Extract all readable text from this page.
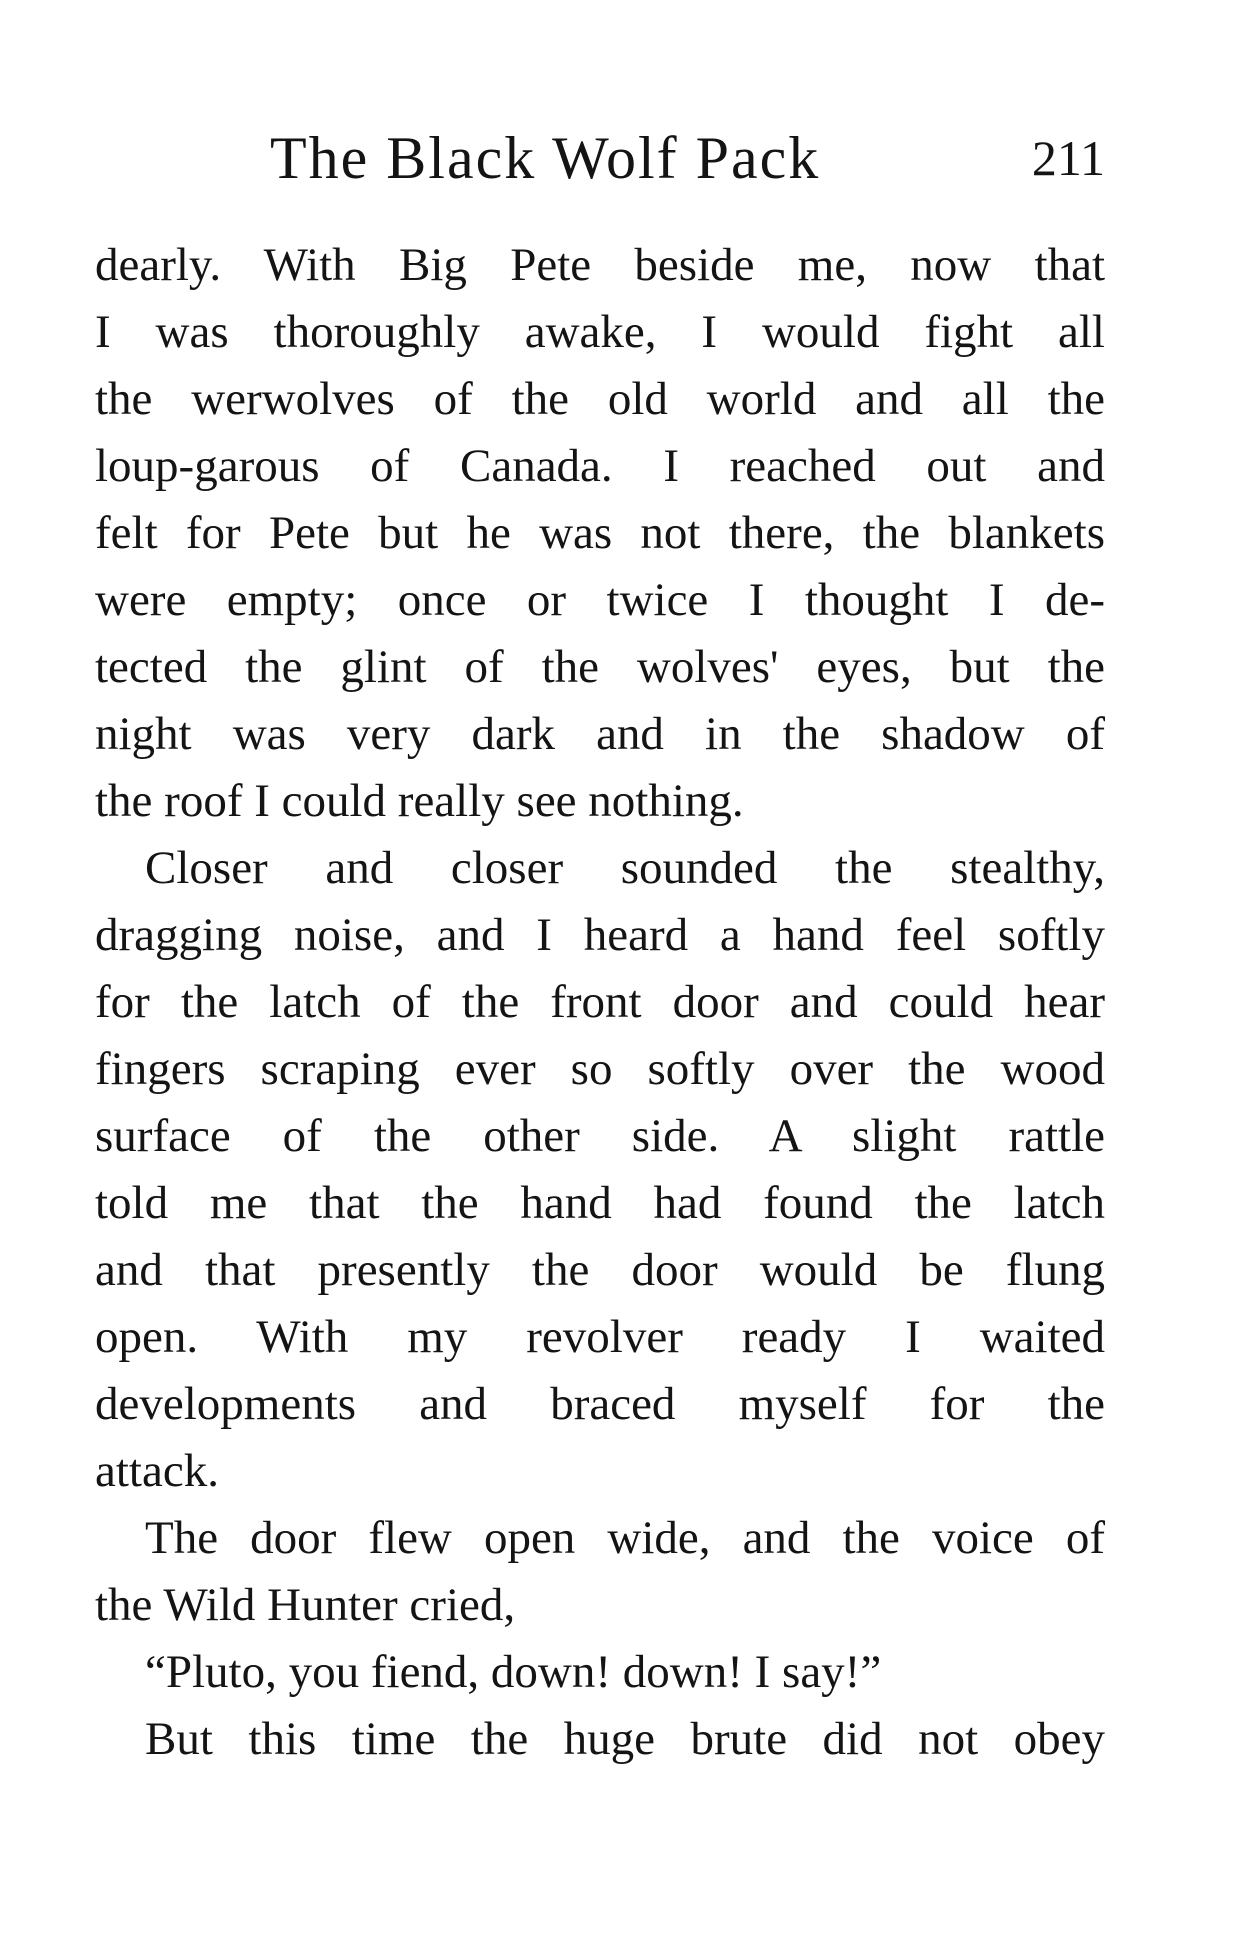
The Black Wolf Pack	211
dearly. With Big Pete beside me, now that
I was thoroughly awake, I would fight all
the werwolves of the old world and all the
loup-garous of Canada. I reached out and
felt for Pete but he was not there, the blankets
were empty; once or twice I thought I de-
tected the glint of the wolves' eyes, but the
night was very dark and in the shadow of
the roof I could really see nothing.
Closer and closer sounded the stealthy,
dragging noise, and I heard a hand feel softly
for the latch of the front door and could hear
fingers scraping ever so softly over the wood
surface of the other side. A slight rattle
told me that the hand had found the latch
and that presently the door would be flung
open. With my revolver ready I waited
developments and braced myself for the
attack.
The door flew open wide, and the voice of
the Wild Hunter cried,
“Pluto, you fiend, down! down! I say!”
But this time the huge brute did not obey
